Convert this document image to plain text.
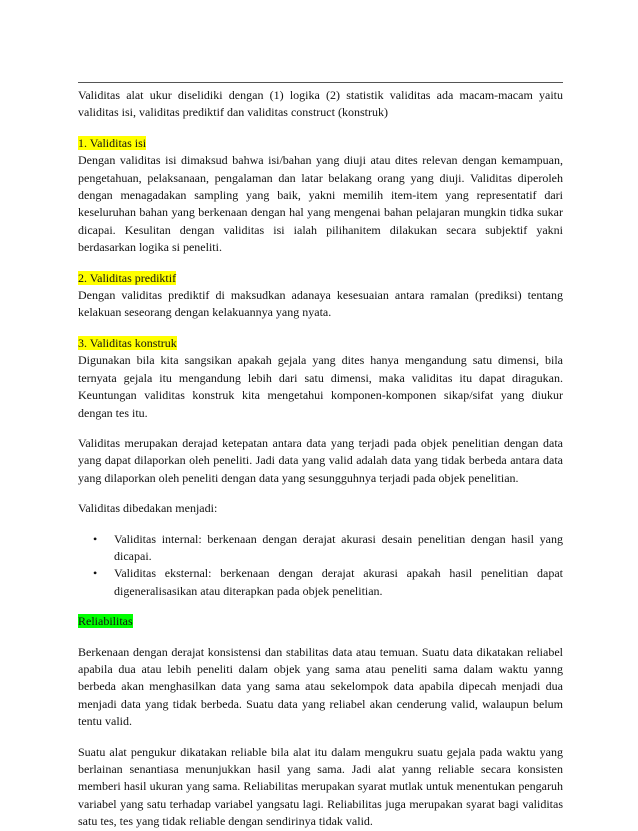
Validitas alat ukur diselidiki dengan (1) logika (2) statistik validitas ada macam-macam yaitu validitas isi, validitas prediktif dan validitas construct (konstruk)

1. Validitas isi

Dengan validitas isi dimaksud bahwa isi/bahan yang diuji atau dites relevan dengan kemampuan, pengetahuan, pelaksanaan, pengalaman dan latar belakang orang yang diuji. Validitas diperoleh dengan menagadakan sampling yang baik, yakni memilih item-item yang representatif dari keseluruhan bahan yang berkenaan dengan hal yang mengenai bahan pelajaran mungkin tidka sukar dicapai. Kesulitan dengan validitas isi ialah pilihanitem dilakukan secara subjektif yakni berdasarkan logika si peneliti.

2. Validitas prediktif

Dengan validitas prediktif di maksudkan adanaya kesesuaian antara ramalan (prediksi) tentang kelakuan seseorang dengan kelakuannya yang nyata.

3. Validitas konstruk

Digunakan bila kita sangsikan apakah gejala yang dites hanya mengandung satu dimensi, bila ternyata gejala itu mengandung lebih dari satu dimensi, maka validitas itu dapat diragukan. Keuntungan validitas konstruk kita mengetahui komponen-komponen sikap/sifat yang diukur dengan tes itu.

Validitas merupakan derajad ketepatan antara data yang terjadi pada objek penelitian dengan data yang dapat dilaporkan oleh peneliti. Jadi data yang valid adalah data yang tidak berbeda antara data yang dilaporkan oleh peneliti dengan data yang sesungguhnya terjadi pada objek penelitian.

Validitas dibedakan menjadi:

• Validitas internal: berkenaan dengan derajat akurasi desain penelitian dengan hasil yang dicapai.
• Validitas eksternal: berkenaan dengan derajat akurasi apakah hasil penelitian dapat digeneralisasikan atau diterapkan pada objek penelitian.

Reliabilitas

Berkenaan dengan derajat konsistensi dan stabilitas data atau temuan. Suatu data dikatakan reliabel apabila dua atau lebih peneliti dalam objek yang sama atau peneliti sama dalam waktu yanng berbeda akan menghasilkan data yang sama atau sekelompok data apabila dipecah menjadi dua menjadi data yang tidak berbeda. Suatu data yang reliabel akan cenderung valid, walaupun belum tentu valid.

Suatu alat pengukur dikatakan reliable bila alat itu dalam mengukru suatu gejala pada waktu yang berlainan senantiasa menunjukkan hasil yang sama. Jadi alat yanng reliable secara konsisten memberi hasil ukuran yang sama. Reliabilitas merupakan syarat mutlak untuk menentukan pengaruh variabel yang satu terhadap variabel yangsatu lagi. Reliabilitas juga merupakan syarat bagi validitas satu tes, tes yang tidak reliable dengan sendirinya tidak valid.
